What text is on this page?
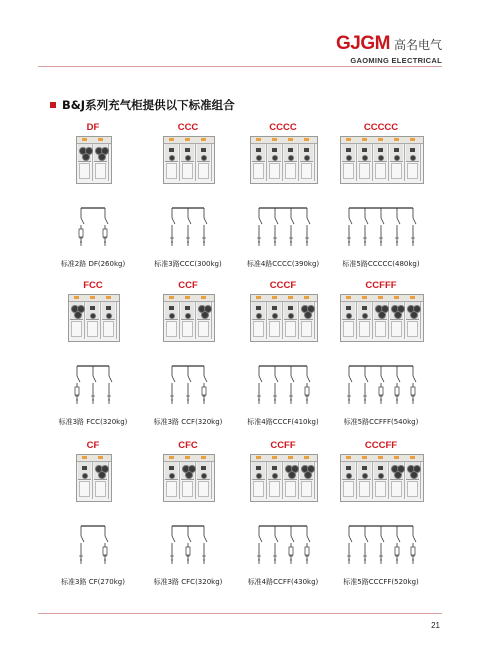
GJGM 高名电气
GAOMING ELECTRICAL
B&J系列充气柜提供以下标准组合
DF
标准2路 DF(260kg)
CCC
标准3路CCC(300kg)
CCCC
标准4路CCCC(390kg)
CCCCC
标准5路CCCCC(480kg)
FCC
标准3路 FCC(320kg)
CCF
标准3路 CCF(320kg)
CCCF
标准4路CCCF(410kg)
CCFFF
标准5路CCFFF(540kg)
CF
标准3路 CF(270kg)
CFC
标准3路 CFC(320kg)
CCFF
标准4路CCFF(430kg)
CCCFF
标准5路CCCFF(520kg)
21
